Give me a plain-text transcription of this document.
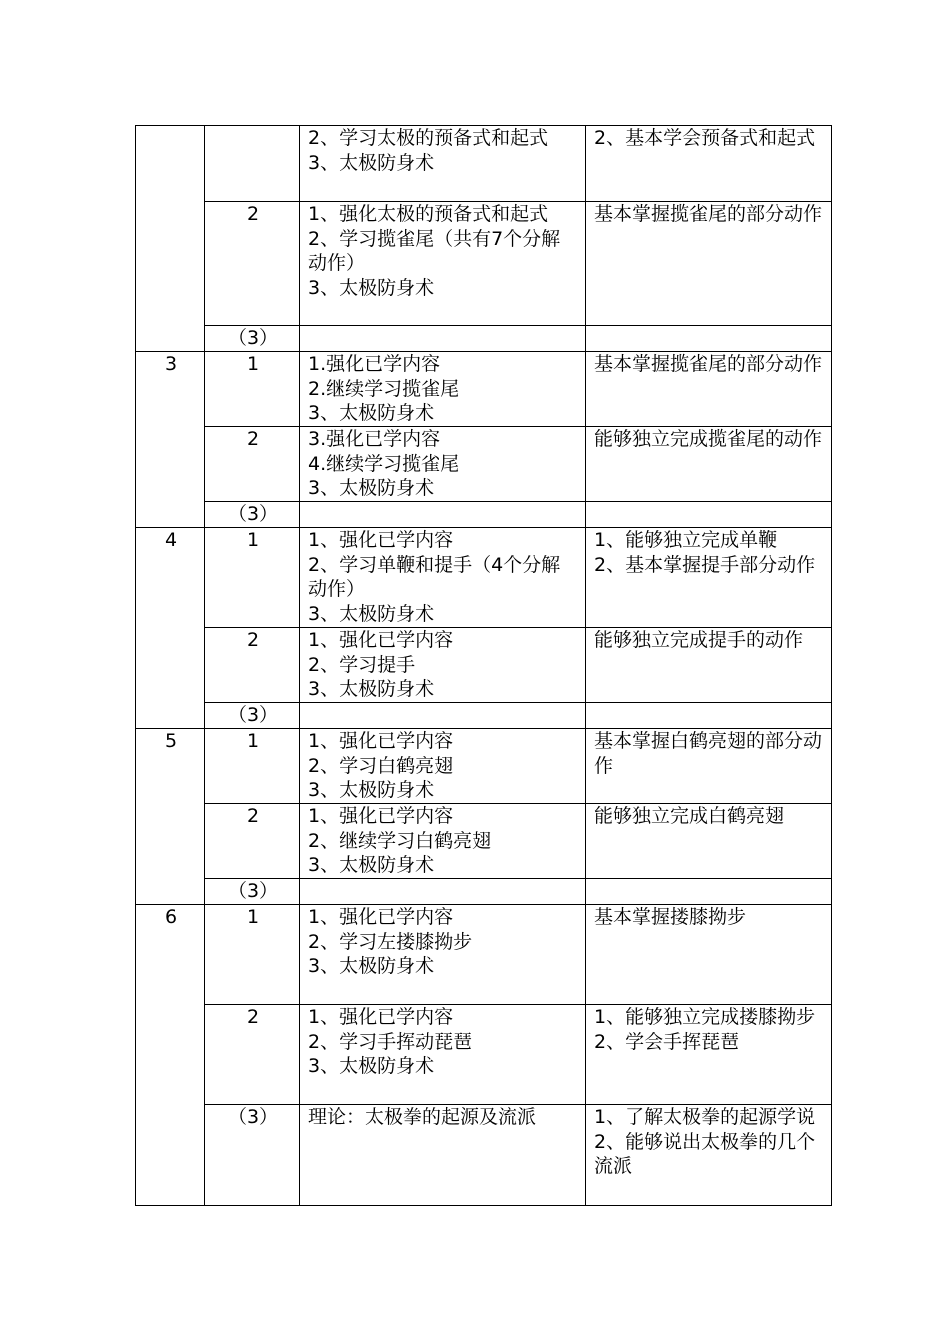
		2、学习太极的预备式和起式
3、太极防身术	2、基本学会预备式和起式

	2	1、强化太极的预备式和起式
2、学习揽雀尾（共有7个分解动作）
3、太极防身术	基本掌握揽雀尾的部分动作

	（3）		
3	1	1.强化已学内容
2.继续学习揽雀尾
3、太极防身术	基本掌握揽雀尾的部分动作

	2	3.强化已学内容
4.继续学习揽雀尾
3、太极防身术	能够独立完成揽雀尾的动作

	（3）		
4	1	1、强化已学内容
2、学习单鞭和提手（4个分解动作）
3、太极防身术	1、能够独立完成单鞭
2、基本掌握提手部分动作

	2	1、强化已学内容
2、学习提手
3、太极防身术	能够独立完成提手的动作

	（3）		
5	1	1、强化已学内容
2、学习白鹤亮翅
3、太极防身术	基本掌握白鹤亮翅的部分动作

	2	1、强化已学内容
2、继续学习白鹤亮翅
3、太极防身术	能够独立完成白鹤亮翅

	（3）		
6	1	1、强化已学内容
2、学习左搂膝拗步
3、太极防身术	基本掌握搂膝拗步

	2	1、强化已学内容
2、学习手挥动琵琶
3、太极防身术	1、能够独立完成搂膝拗步
2、学会手挥琵琶

	（3）	理论：太极拳的起源及流派	1、了解太极拳的起源学说
2、能够说出太极拳的几个流派
